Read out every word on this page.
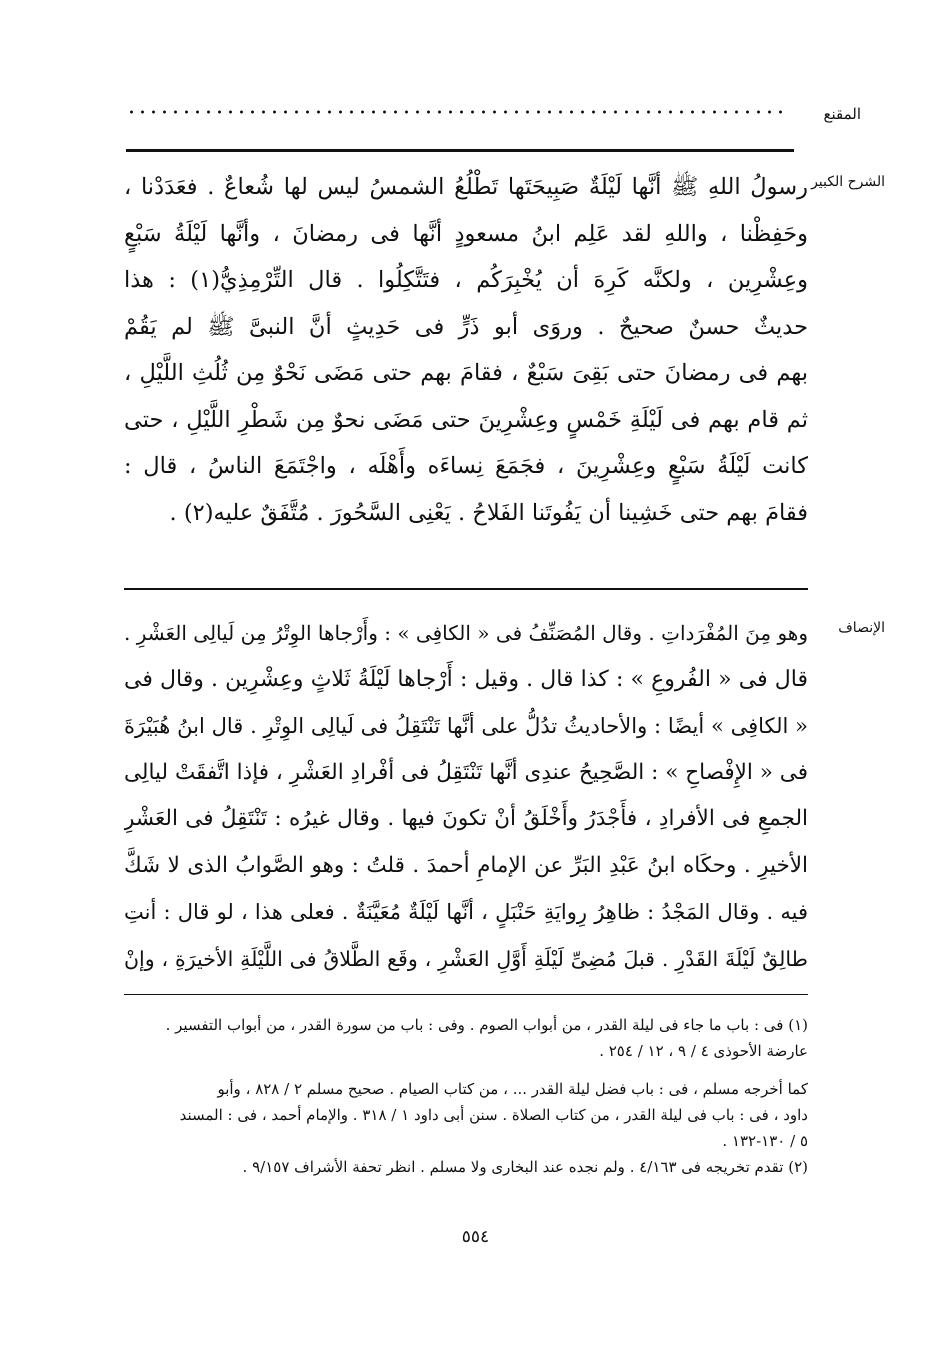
المقنع
الشرح الكبير
رسولُ اللهِ ﷺ أنَّها لَيْلَةٌ صَبِيحَتَها تَطْلُعُ الشمسُ ليس لها شُعاعٌ . فعَدَدْنا ،
وحَفِظْنا ، واللهِ لقد عَلِم ابنُ مسعودٍ أنَّها فى رمضانَ ، وأنَّها لَيْلَةُ سَبْعٍ
وعِشْرِين ، ولكنَّه كَرِهَ أن يُخْبِرَكُم ، فتَتَّكِلُوا . قال التِّرْمِذِيُّ(١) : هذا
حديثٌ حسنٌ صحيحٌ . وروَى أبو ذَرٍّ فى حَدِيثٍ أنَّ النبىَّ ﷺ لم يَقُمْ
بهم فى رمضانَ حتى بَقِىَ سَبْعٌ ، فقامَ بهم حتى مَضَى نَحْوٌ مِن ثُلُثِ اللَّيْلِ ،
ثم قام بهم فى لَيْلَةِ خَمْسٍ وعِشْرِينَ حتى مَضَى نحوٌ مِن شَطْرِ اللَّيْلِ ، حتى
كانت لَيْلَةُ سَبْعٍ وعِشْرِينَ ، فجَمَعَ نِساءَه وأَهْلَه ، واجْتَمَعَ الناسُ ، قال :
فقامَ بهم حتى خَشِينا أن يَفُوتَنا الفَلاحُ . يَعْنِى السَّحُورَ . مُتَّفَقٌ عليه(٢) .
الإنصاف
وهو مِنَ المُفْرَداتِ . وقال المُصَنِّفُ فى « الكافِى » : وأَرْجاها الوِتْرُ مِن لَيالِى العَشْرِ .
قال فى « الفُروعِ » : كذا قال . وقيل : أَرْجاها لَيْلَةُ ثَلاثٍ وعِشْرِين . وقال فى
« الكافِى » أيضًا : والأحاديثُ تدُلُّ على أنَّها تَنْتَقِلُ فى لَيالِى الوِتْرِ . قال ابنُ هُبَيْرَةَ
فى « الإِفْصاحِ » : الصَّحِيحُ عندِى أنَّها تَنْتَقِلُ فى أفْرادِ العَشْرِ ، فإذا اتَّفقَتْ ليالِى
الجمعِ فى الأفرادِ ، فأَجْدَرُ وأَخْلَقُ أنْ تكونَ فيها . وقال غيرُه : تَنْتَقِلُ فى العَشْرِ
الأخيرِ . وحكَاه ابنُ عَبْدِ البَرِّ عن الإمامِ أحمدَ . قلتُ : وهو الصَّوابُ الذى لا شَكَّ
فيه . وقال المَجْدُ : ظاهِرُ رِوايَةِ حَنْبَلٍ ، أنَّها لَيْلَةٌ مُعَيَّنَةٌ . فعلى هذا ، لو قال : أنتِ
طالِقٌ لَيْلَةَ القَدْرِ . قبلَ مُضِىِّ لَيْلَةِ أَوَّلِ العَشْرِ ، وقَع الطَّلاقُ فى اللَّيْلَةِ الأخيرَةِ ، وإنْ
(١) فى : باب ما جاء فى ليلة القدر ، من أبواب الصوم . وفى : باب من سورة القدر ، من أبواب التفسير .
عارضة الأحوذى ٤ / ٩ ، ١٢ / ٢٥٤ .
كما أخرجه مسلم ، فى : باب فضل ليلة القدر ... ، من كتاب الصيام . صحيح مسلم ٢ / ٨٢٨ ، وأبو
داود ، فى : باب فى ليلة القدر ، من كتاب الصلاة . سنن أبى داود ١ / ٣١٨ . والإمام أحمد ، فى : المسند
٥ / ١٣٠-١٣٢ .
(٢) تقدم تخريجه فى ٤/١٦٣ . ولم نجده عند البخارى ولا مسلم . انظر تحفة الأشراف ٩/١٥٧ .
٥٥٤
